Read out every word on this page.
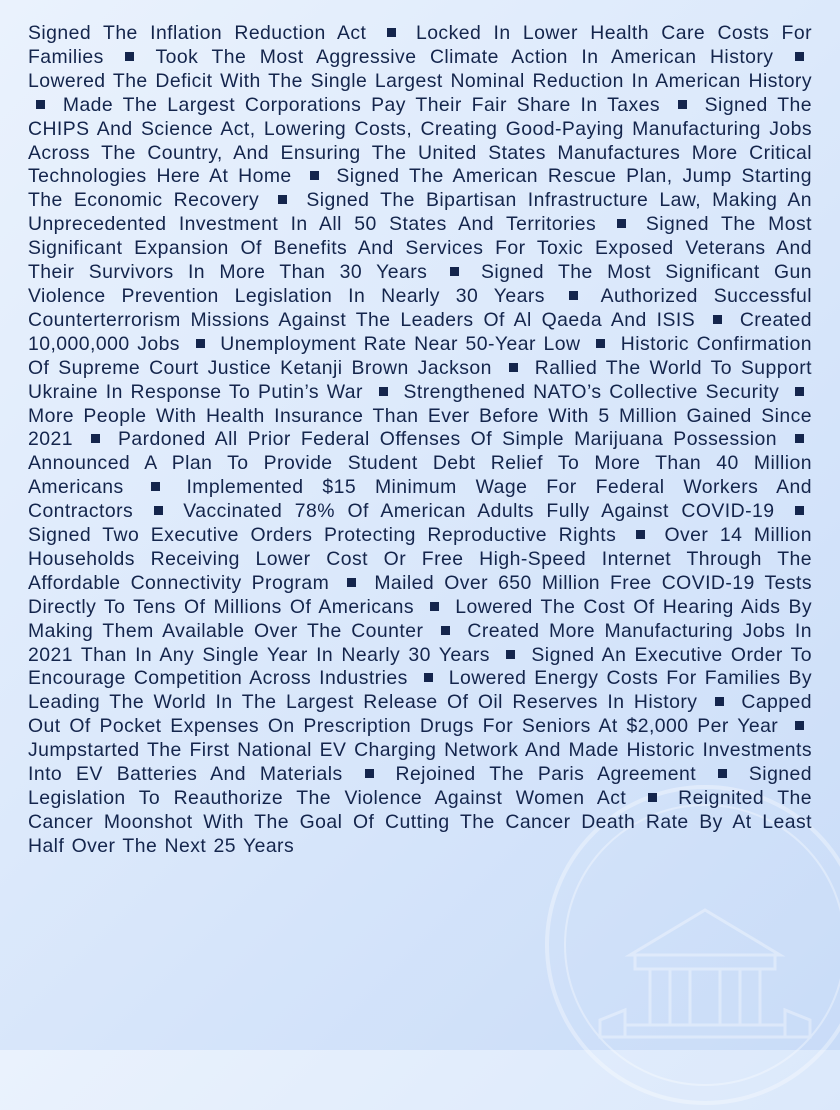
Signed The Inflation Reduction Act	Locked In Lower Health Care Costs For Families	Took The Most Aggressive Climate Action In American History  Lowered The Deficit With The Single Largest Nominal Reduction In American History  Made The Largest Corporations Pay Their Fair Share In Taxes Signed The CHIPS And Science Act, Lowering Costs, Creating Good-Paying Manufacturing Jobs Across The Country, And Ensuring The United States Manufactures More Critical Technologies Here At Home Signed The American Rescue Plan, Jump Starting The Economic Recovery Signed The Bipartisan Infrastructure Law, Making An Unprecedented Investment In All 50 States And Territories	Signed The Most Significant Expansion Of Benefits And Services For Toxic Exposed Veterans And Their Survivors In More Than 30 Years	Signed The Most Significant Gun Violence Prevention Legislation In Nearly 30 Years	Authorized Successful Counterterrorism Missions Against The Leaders Of Al Qaeda And ISIS Created 10,000,000 Jobs Unemployment Rate Near 50-Year Low Historic Confirmation Of Supreme Court Justice Ketanji Brown Jackson Rallied The World To Support Ukraine In Response To Putin’s War Strengthened NATO’s Collective Security  More People With Health Insurance Than Ever Before With 5 Million Gained Since 2021 Pardoned All Prior Federal Offenses Of Simple Marijuana Possession  Announced A Plan To Provide Student Debt Relief To More Than 40 Million Americans	Implemented $15 Minimum Wage For Federal Workers And Contractors	Vaccinated 78% Of American Adults Fully Against COVID-19  Signed Two Executive Orders Protecting Reproductive Rights Over 14 Million Households Receiving Lower Cost Or Free High-Speed Internet Through The Affordable Connectivity Program Mailed Over 650 Million Free COVID-19 Tests Directly To Tens Of Millions Of Americans Lowered The Cost Of Hearing Aids By Making Them Available Over The Counter Created More Manufacturing Jobs In 2021 Than In Any Single Year In Nearly 30 Years Signed An Executive Order To Encourage Competition Across Industries Lowered Energy Costs For Families By Leading The World In The Largest Release Of Oil Reserves In History Capped Out Of Pocket Expenses On Prescription Drugs For Seniors At $2,000 Per Year  Jumpstarted The First National EV Charging Network And Made Historic Investments Into EV Batteries And Materials	Rejoined The Paris Agreement	Signed Legislation To Reauthorize The Violence Against Women Act	Reignited The Cancer Moonshot With The Goal Of Cutting The Cancer Death Rate By At Least Half Over The Next 25 Years
